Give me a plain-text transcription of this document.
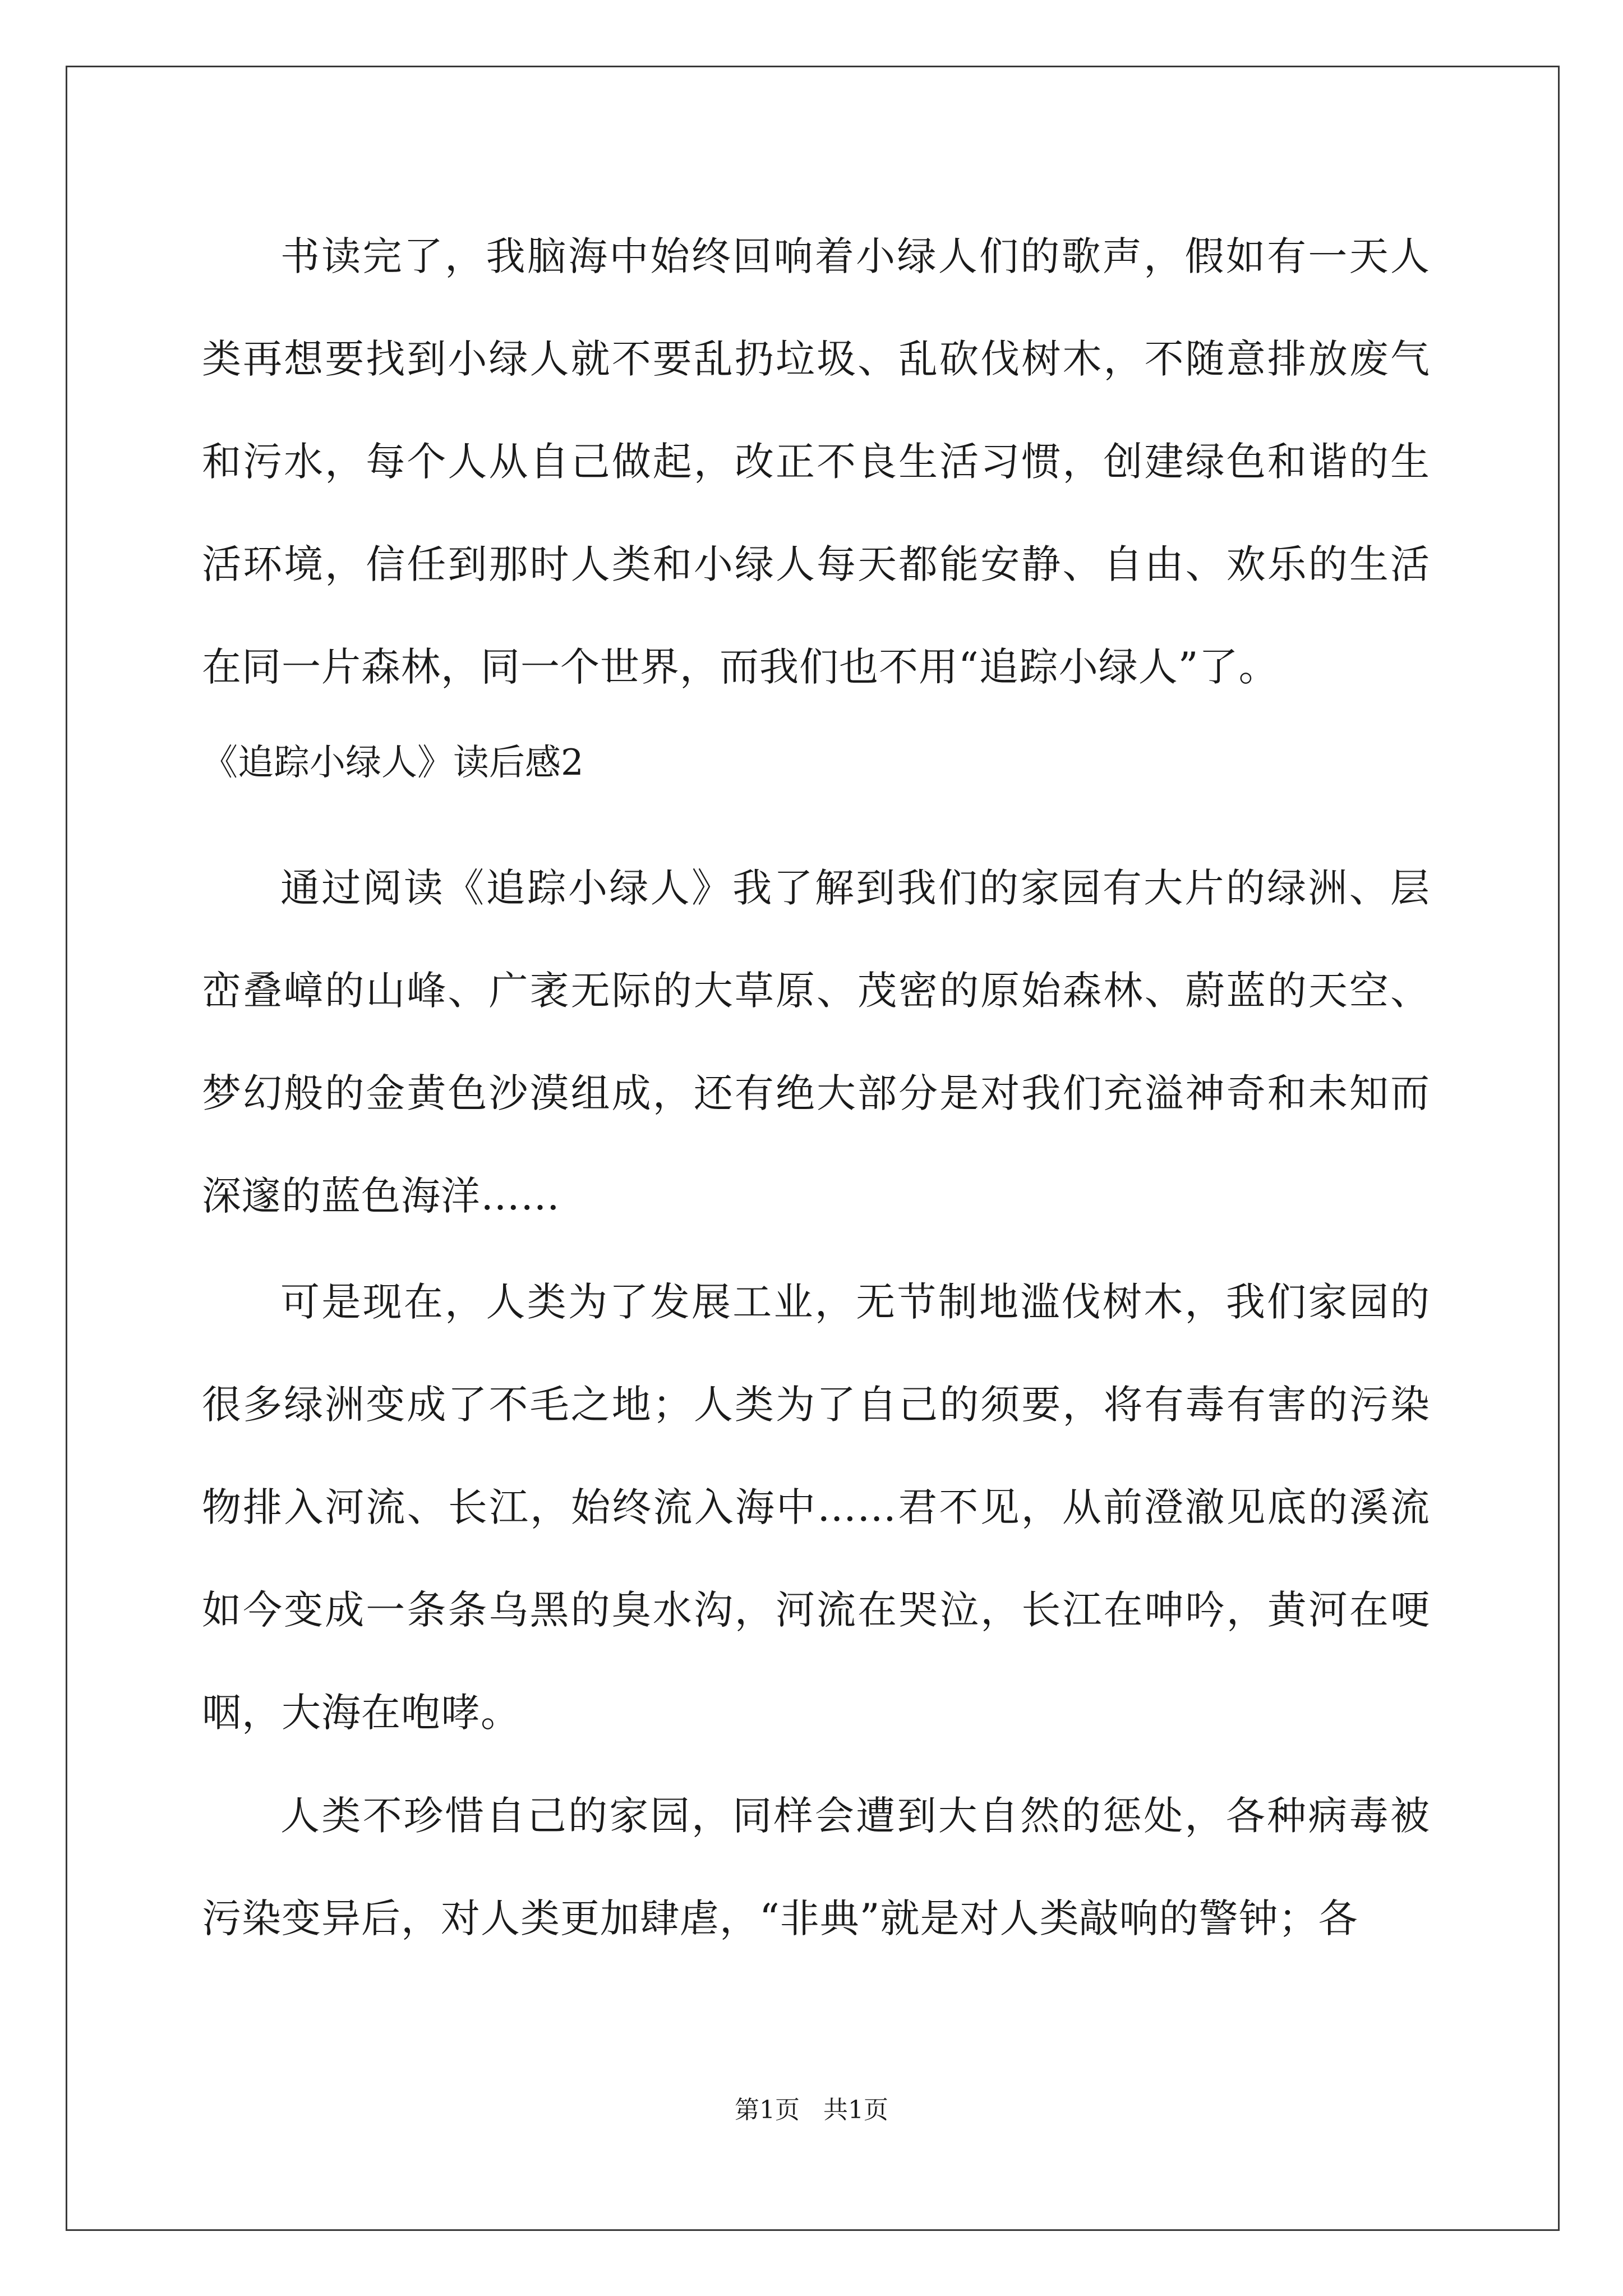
书读完了，我脑海中始终回响着小绿人们的歌声，假如有一天人类再想要找到小绿人就不要乱扔垃圾、乱砍伐树木，不随意排放废气和污水，每个人从自己做起，改正不良生活习惯，创建绿色和谐的生活环境，信任到那时人类和小绿人每天都能安静、自由、欢乐的生活在同一片森林，同一个世界，而我们也不用“追踪小绿人”了。
《追踪小绿人》读后感2
通过阅读《追踪小绿人》我了解到我们的家园有大片的绿洲、层峦叠嶂的山峰、广袤无际的大草原、茂密的原始森林、蔚蓝的天空、梦幻般的金黄色沙漠组成，还有绝大部分是对我们充溢神奇和未知而深邃的蓝色海洋……
可是现在，人类为了发展工业，无节制地滥伐树木，我们家园的很多绿洲变成了不毛之地；人类为了自己的须要，将有毒有害的污染物排入河流、长江，始终流入海中……君不见，从前澄澈见底的溪流如今变成一条条乌黑的臭水沟，河流在哭泣，长江在呻吟，黄河在哽咽，大海在咆哮。
人类不珍惜自己的家园，同样会遭到大自然的惩处，各种病毒被污染变异后，对人类更加肆虐，“非典”就是对人类敲响的警钟；各
第1页   共1页
